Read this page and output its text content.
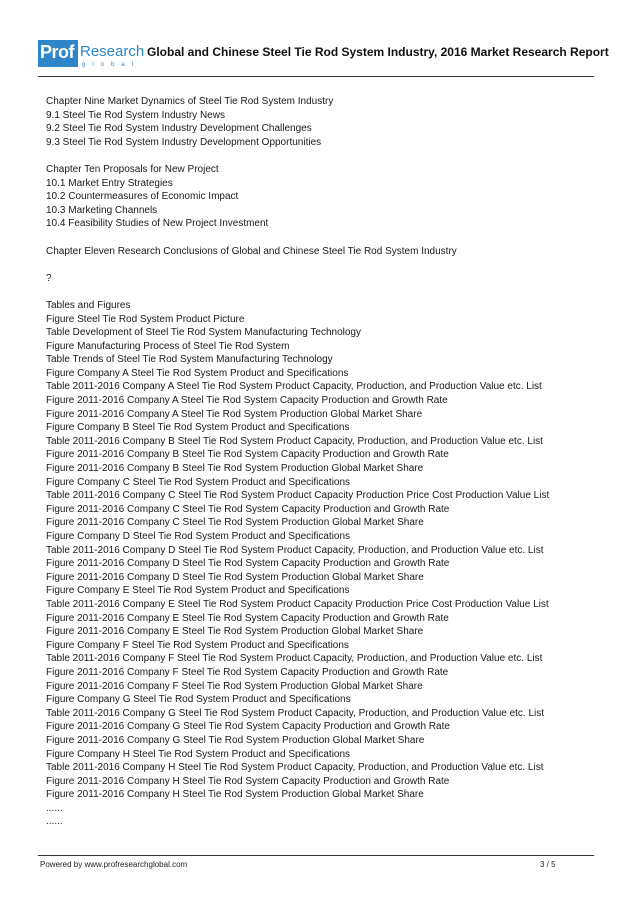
Prof Research
global
Global and Chinese Steel Tie Rod System Industry, 2016 Market Research Report
Chapter Nine Market Dynamics of Steel Tie Rod System Industry
9.1 Steel Tie Rod System Industry News
9.2 Steel Tie Rod System Industry Development Challenges
9.3 Steel Tie Rod System Industry Development Opportunities
Chapter Ten Proposals for New Project
10.1 Market Entry Strategies
10.2 Countermeasures of Economic Impact
10.3 Marketing Channels
10.4 Feasibility Studies of New Project Investment
Chapter Eleven Research Conclusions of Global and Chinese Steel Tie Rod System Industry
?
Tables and Figures
Figure Steel Tie Rod System Product Picture
Table Development of Steel Tie Rod System Manufacturing Technology
Figure Manufacturing Process of Steel Tie Rod System
Table Trends of Steel Tie Rod System Manufacturing Technology
Figure Company A Steel Tie Rod System Product and Specifications
Table 2011-2016 Company A Steel Tie Rod System Product Capacity, Production, and Production Value etc. List
Figure 2011-2016 Company A Steel Tie Rod System Capacity Production and Growth Rate
Figure 2011-2016 Company A Steel Tie Rod System Production Global Market Share
Figure Company B Steel Tie Rod System Product and Specifications
Table 2011-2016 Company B Steel Tie Rod System Product Capacity, Production, and Production Value etc. List
Figure 2011-2016 Company B Steel Tie Rod System Capacity Production and Growth Rate
Figure 2011-2016 Company B Steel Tie Rod System Production Global Market Share
Figure Company C Steel Tie Rod System Product and Specifications
Table 2011-2016 Company C Steel Tie Rod System Product Capacity Production Price Cost Production Value List
Figure 2011-2016 Company C Steel Tie Rod System Capacity Production and Growth Rate
Figure 2011-2016 Company C Steel Tie Rod System Production Global Market Share
Figure Company D Steel Tie Rod System Product and Specifications
Table 2011-2016 Company D Steel Tie Rod System Product Capacity, Production, and Production Value etc. List
Figure 2011-2016 Company D Steel Tie Rod System Capacity Production and Growth Rate
Figure 2011-2016 Company D Steel Tie Rod System Production Global Market Share
Figure Company E Steel Tie Rod System Product and Specifications
Table 2011-2016 Company E Steel Tie Rod System Product Capacity Production Price Cost Production Value List
Figure 2011-2016 Company E Steel Tie Rod System Capacity Production and Growth Rate
Figure 2011-2016 Company E Steel Tie Rod System Production Global Market Share
Figure Company F Steel Tie Rod System Product and Specifications
Table 2011-2016 Company F Steel Tie Rod System Product Capacity, Production, and Production Value etc. List
Figure 2011-2016 Company F Steel Tie Rod System Capacity Production and Growth Rate
Figure 2011-2016 Company F Steel Tie Rod System Production Global Market Share
Figure Company G Steel Tie Rod System Product and Specifications
Table 2011-2016 Company G Steel Tie Rod System Product Capacity, Production, and Production Value etc. List
Figure 2011-2016 Company G Steel Tie Rod System Capacity Production and Growth Rate
Figure 2011-2016 Company G Steel Tie Rod System Production Global Market Share
Figure Company H Steel Tie Rod System Product and Specifications
Table 2011-2016 Company H Steel Tie Rod System Product Capacity, Production, and Production Value etc. List
Figure 2011-2016 Company H Steel Tie Rod System Capacity Production and Growth Rate
Figure 2011-2016 Company H Steel Tie Rod System Production Global Market Share
......
......
Powered by www.profresearchglobal.com	3 / 5
